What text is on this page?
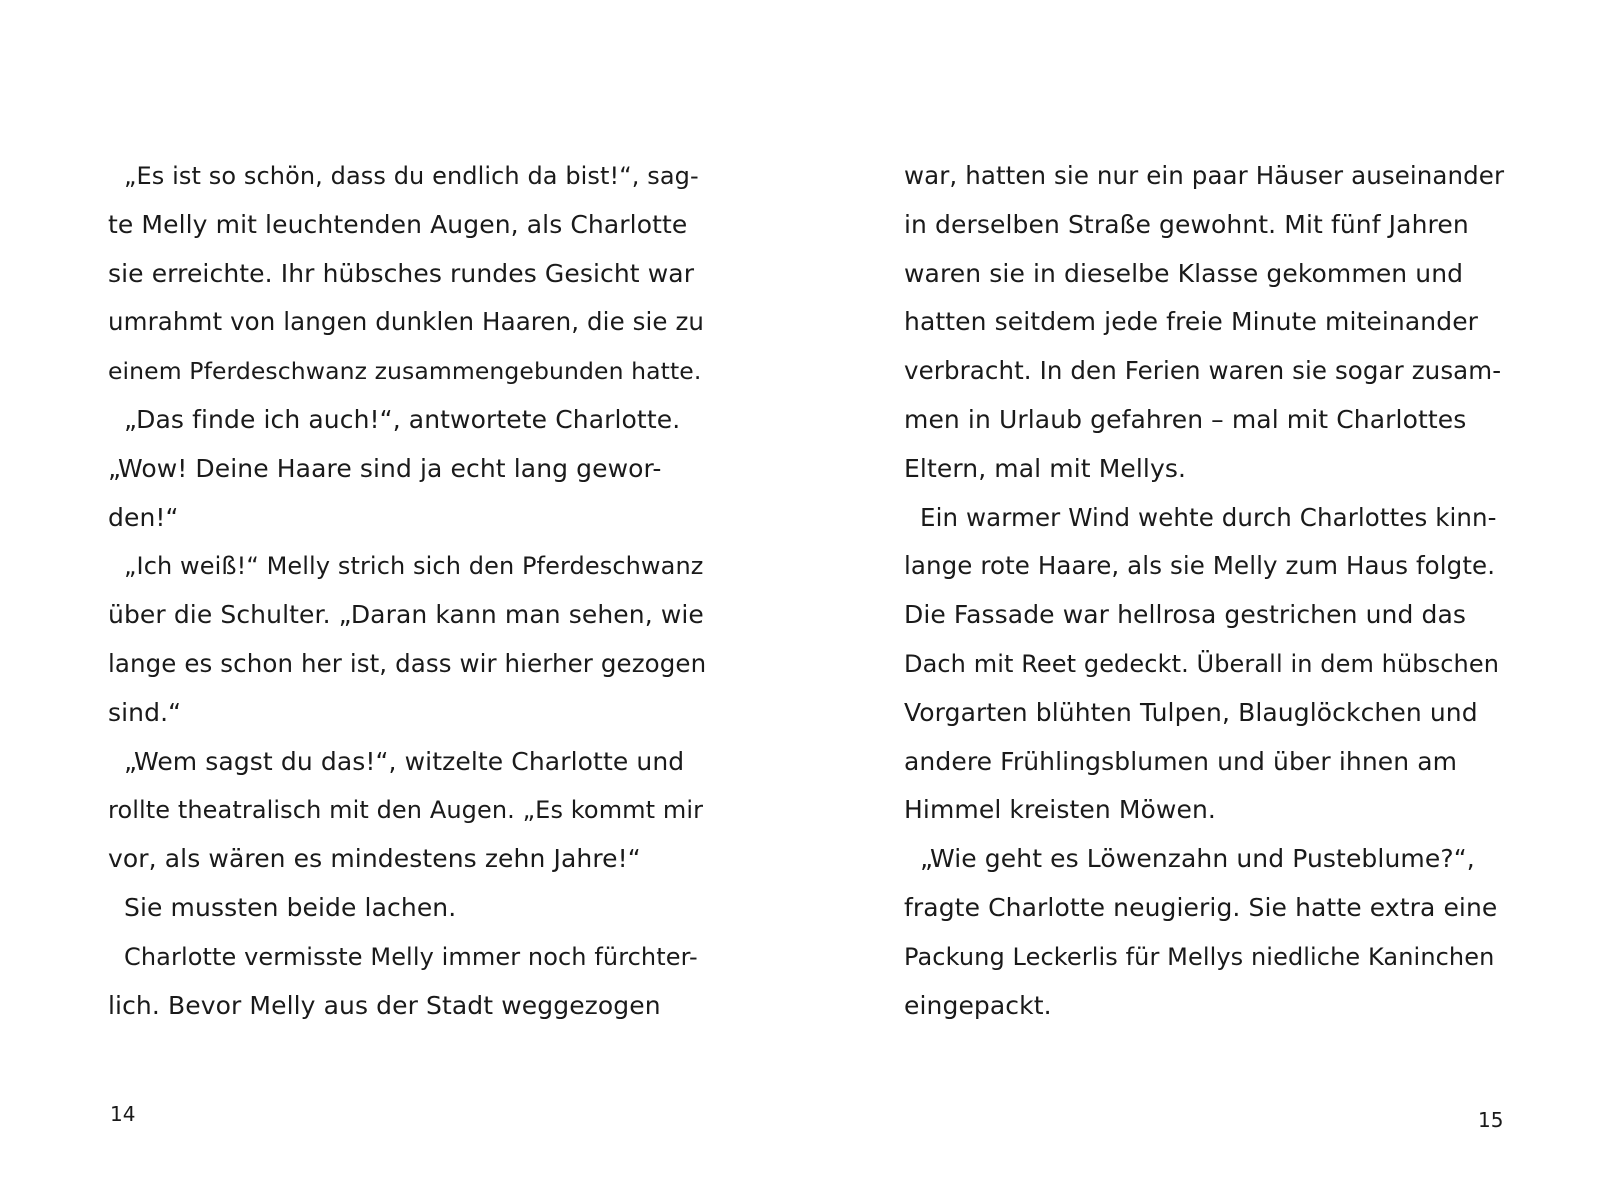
„Es ist so schön, dass du endlich da bist!“, sag-
te Melly mit leuchtenden Augen, als Charlotte
sie erreichte. Ihr hübsches rundes Gesicht war
umrahmt von langen dunklen Haaren, die sie zu
einem Pferdeschwanz zusammengebunden hatte.
„Das finde ich auch!“, antwortete Charlotte.
„Wow! Deine Haare sind ja echt lang gewor-
den!“
„Ich weiß!“ Melly strich sich den Pferdeschwanz
über die Schulter. „Daran kann man sehen, wie
lange es schon her ist, dass wir hierher gezogen
sind.“
„Wem sagst du das!“, witzelte Charlotte und
rollte theatralisch mit den Augen. „Es kommt mir
vor, als wären es mindestens zehn Jahre!“
Sie mussten beide lachen.
Charlotte vermisste Melly immer noch fürchter-
lich. Bevor Melly aus der Stadt weggezogen
14
war, hatten sie nur ein paar Häuser auseinander
in derselben Straße gewohnt. Mit fünf Jahren
waren sie in dieselbe Klasse gekommen und
hatten seitdem jede freie Minute miteinander
verbracht. In den Ferien waren sie sogar zusam-
men in Urlaub gefahren – mal mit Charlottes
Eltern, mal mit Mellys.
Ein warmer Wind wehte durch Charlottes kinn-
lange rote Haare, als sie Melly zum Haus folgte.
Die Fassade war hellrosa gestrichen und das
Dach mit Reet gedeckt. Überall in dem hübschen
Vorgarten blühten Tulpen, Blauglöckchen und
andere Frühlingsblumen und über ihnen am
Himmel kreisten Möwen.
„Wie geht es Löwenzahn und Pusteblume?“,
fragte Charlotte neugierig. Sie hatte extra eine
Packung Leckerlis für Mellys niedliche Kaninchen
eingepackt.
15
